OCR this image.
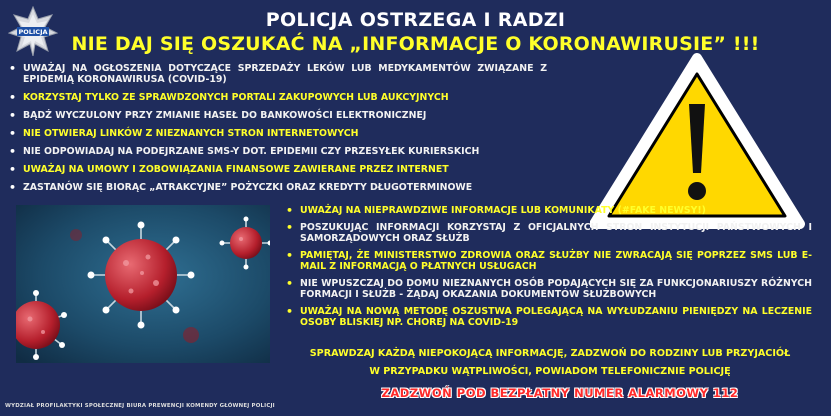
POLICJA
POLICJA OSTRZEGA I RADZI
NIE DAJ SIĘ OSZUKAĆ NA „INFORMACJE O KORONAWIRUSIE” !!!
• UWAŻAJ NA OGŁOSZENIA DOTYCZĄCE SPRZEDAŻY LEKÓW LUB MEDYKAMENTÓW ZWIĄZANE Z EPIDEMIĄ KORONAWIRUSA (COVID-19)
• KORZYSTAJ TYLKO ZE SPRAWDZONYCH PORTALI ZAKUPOWYCH LUB AUKCYJNYCH
• BĄDŹ WYCZULONY PRZY ZMIANIE HASEŁ DO BANKOWOŚCI ELEKTRONICZNEJ
• NIE OTWIERAJ LINKÓW Z NIEZNANYCH STRON INTERNETOWYCH
• NIE ODPOWIADAJ NA PODEJRZANE SMS-Y DOT. EPIDEMII CZY PRZESYŁEK KURIERSKICH
• UWAŻAJ NA UMOWY I ZOBOWIĄZANIA FINANSOWE ZAWIERANE PRZEZ INTERNET
• ZASTANÓW SIĘ BIORĄC „ATRAKCYJNE” POŻYCZKI ORAZ KREDYTY DŁUGOTERMINOWE
• UWAŻAJ NA NIEPRAWDZIWE INFORMACJE LUB KOMUNIKATY (#FAKE NEWSY!)
• POSZUKUJĄC INFORMACJI KORZYSTAJ Z OFICJALNYCH STRON INSTYTUCJI PAŃSTWOWYCH I SAMORZĄDOWYCH ORAZ SŁUŻB
• PAMIĘTAJ, ŻE MINISTERSTWO ZDROWIA ORAZ SŁUŻBY NIE ZWRACAJĄ SIĘ POPRZEZ SMS LUB E-MAIL Z INFORMACJĄ O PŁATNYCH USŁUGACH
• NIE WPUSZCZAJ DO DOMU NIEZNANYCH OSÓB PODAJĄCYCH SIĘ ZA FUNKCJONARIUSZY RÓŻNYCH FORMACJI I SŁUŻB - ŻĄDAJ OKAZANIA DOKUMENTÓW SŁUŻBOWYCH
• UWAŻAJ NA NOWĄ METODĘ OSZUSTWA POLEGAJĄCĄ NA WYŁUDZANIU PIENIĘDZY NA LECZENIE OSOBY BLISKIEJ NP. CHOREJ NA COVID-19

SPRAWDZAJ KAŻDĄ NIEPOKOJĄCĄ INFORMACJĘ, ZADZWOŃ DO RODZINY LUB PRZYJACIÓŁ

W PRZYPADKU WĄTPLIWOŚCI, POWIADOM TELEFONICZNIE POLICJĘ

ZADZWOŃ POD BEZPŁATNY NUMER ALARMOWY 112

WYDZIAŁ PROFILAKTYKI SPOŁECZNEJ BIURA PREWENCJI KOMENDY GŁÓWNEJ POLICJI
